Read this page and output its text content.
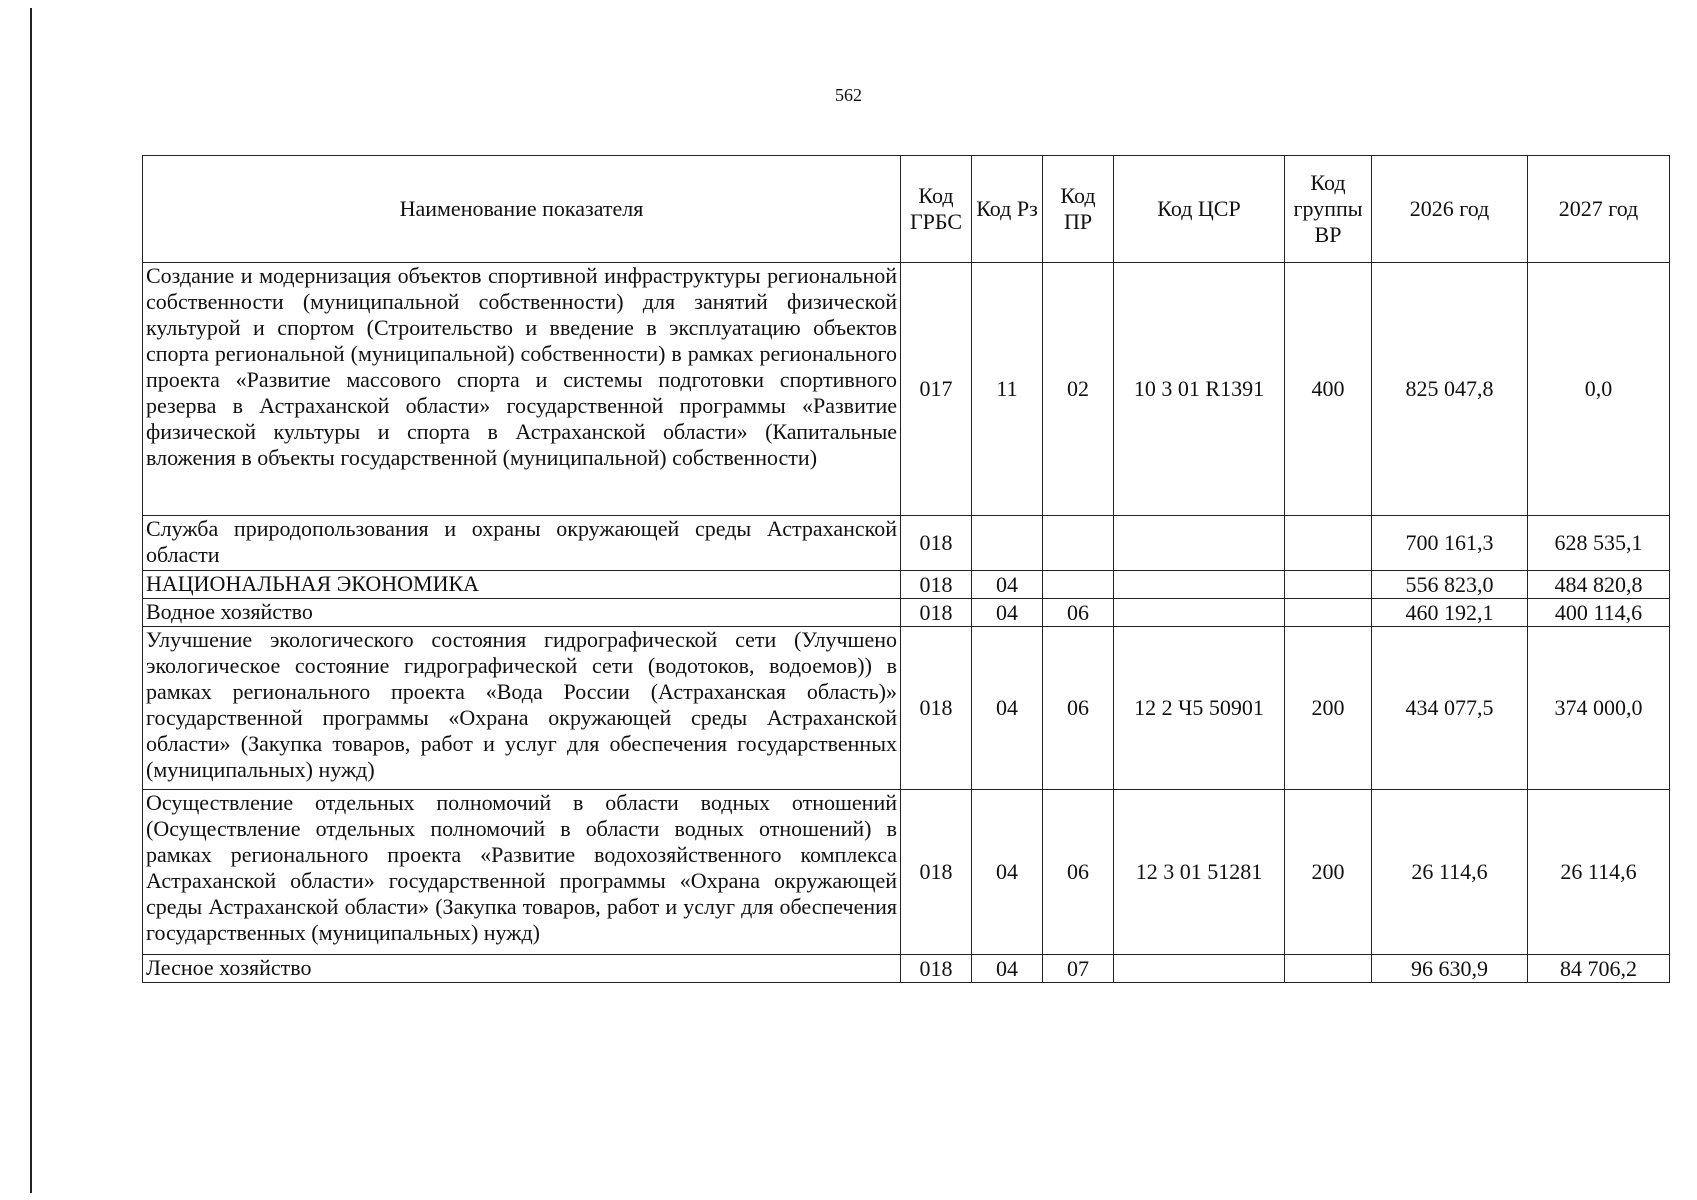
562
Наименование показателя	Код ГРБС	Код Рз	Код ПР	Код ЦСР	Код группы ВР	2026 год	2027 год
Создание и модернизация объектов спортивной инфраструктуры региональной собственности (муниципальной собственности) для занятий физической культурой и спортом (Строительство и введение в эксплуатацию объектов спорта региональной (муниципальной) собственности) в рамках регионального проекта «Развитие массового спорта и системы подготовки спортивного резерва в Астраханской области» государственной программы «Развитие физической культуры и спорта в Астраханской области» (Капитальные вложения в объекты государственной (муниципальной) собственности)	017	11	02	10 3 01 R1391	400	825 047,8	0,0
Служба природопользования и охраны окружающей среды Астраханской области	018					700 161,3	628 535,1
НАЦИОНАЛЬНАЯ ЭКОНОМИКА	018	04				556 823,0	484 820,8
Водное хозяйство	018	04	06			460 192,1	400 114,6
Улучшение экологического состояния гидрографической сети (Улучшено экологическое состояние гидрографической сети (водотоков, водоемов)) в рамках регионального проекта «Вода России (Астраханская область)» государственной программы «Охрана окружающей среды Астраханской области» (Закупка товаров, работ и услуг для обеспечения государственных (муниципальных) нужд)	018	04	06	12 2 Ч5 50901	200	434 077,5	374 000,0
Осуществление отдельных полномочий в области водных отношений (Осуществление отдельных полномочий в области водных отношений) в рамках регионального проекта «Развитие водохозяйственного комплекса Астраханской области» государственной программы «Охрана окружающей среды Астраханской области» (Закупка товаров, работ и услуг для обеспечения государственных (муниципальных) нужд)	018	04	06	12 3 01 51281	200	26 114,6	26 114,6
Лесное хозяйство	018	04	07			96 630,9	84 706,2
